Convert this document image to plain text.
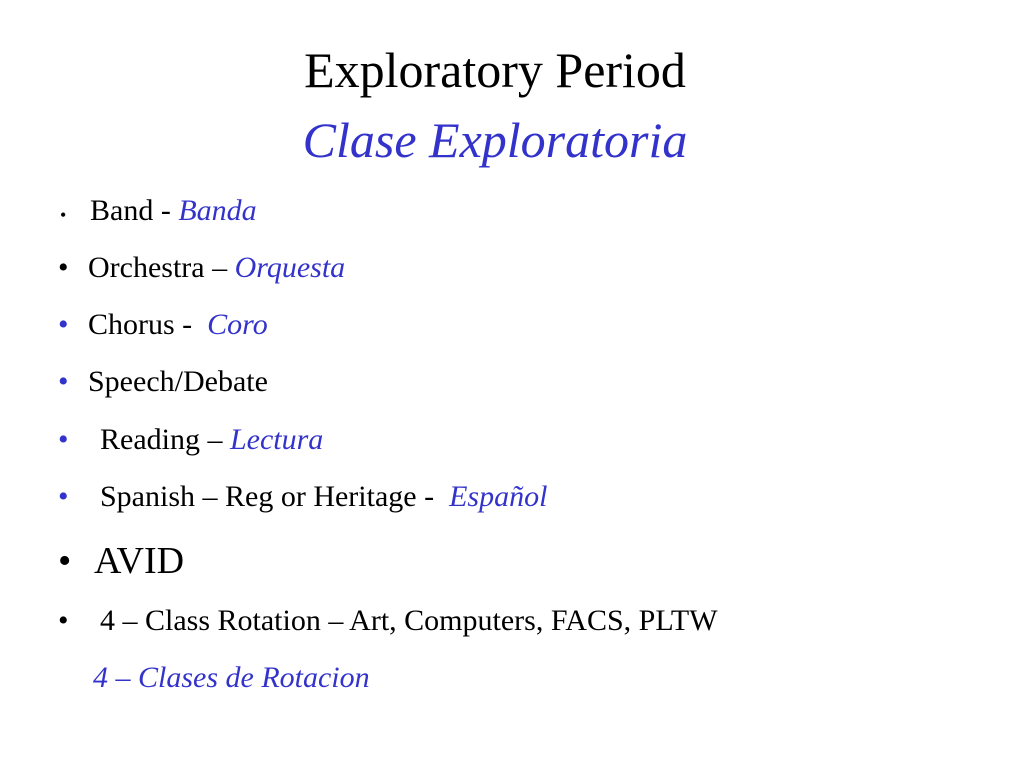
Exploratory Period
Clase Exploratoria
• Band - Banda
• Orchestra – Orquesta
• Chorus -  Coro
• Speech/Debate
• Reading – Lectura
• Spanish – Reg or Heritage -  Español
• AVID
• 4 – Class Rotation – Art, Computers, FACS, PLTW
4 – Clases de Rotacion
